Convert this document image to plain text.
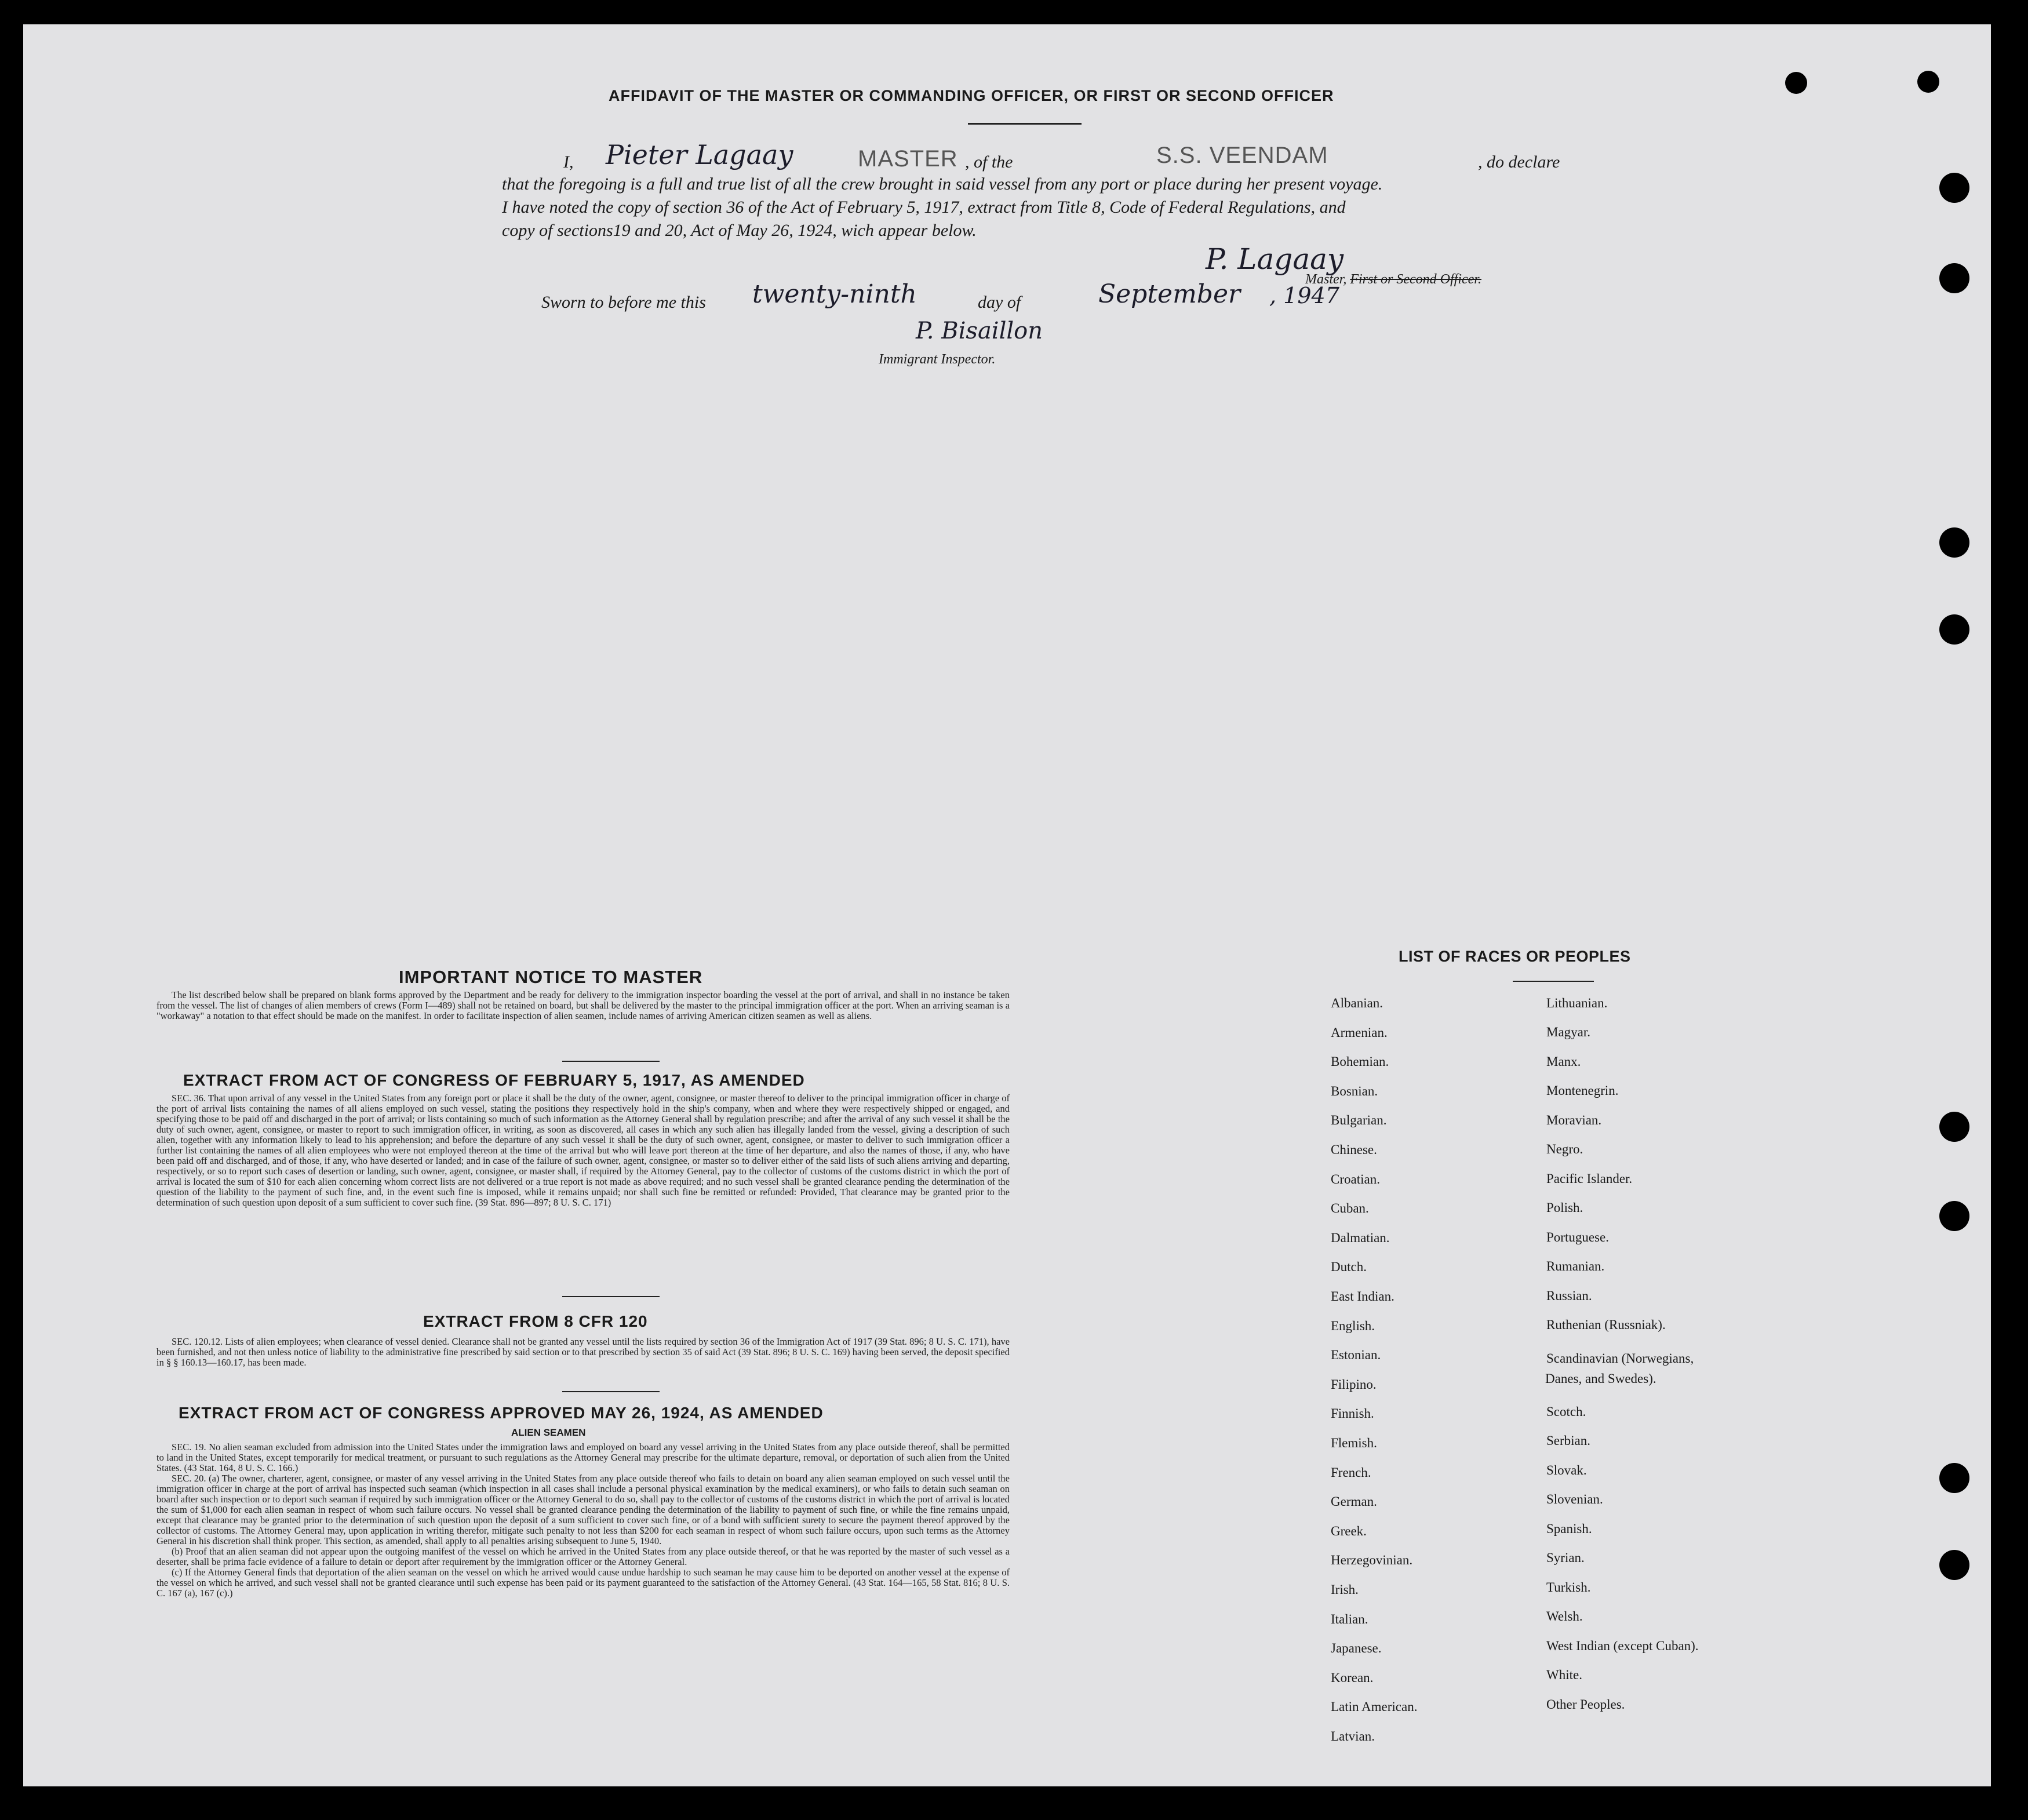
AFFIDAVIT OF THE MASTER OR COMMANDING OFFICER, OR FIRST OR SECOND OFFICER
I, Pieter Lagaay	MASTER , of the	S.S. VEENDAM	, do declare
that the foregoing is a full and true list of all the crew brought in said vessel from any port or place during her present voyage.
I have noted the copy of section 36 of the Act of February 5, 1917, extract from Title 8, Code of Federal Regulations, and
copy of sections19 and 20, Act of May 26, 1924, wich appear below.
P. Lagaay
Master, First or Second Officer.
Sworn to before me this twenty-ninth	day of	September , 1947
P. Bisaillon
Immigrant Inspector.
IMPORTANT NOTICE TO MASTER

The list described below shall be prepared on blank forms approved by the Department and be ready for delivery to the immigration inspector boarding the vessel at the port of arrival, and shall in no instance be taken from the vessel. The list of changes of alien members of crews (Form I—489) shall not be retained on board, but shall be delivered by the master to the principal immigration officer at the port. When an arriving seaman is a "workaway" a notation to that effect should be made on the manifest. In order to facilitate inspection of alien seamen, include names of arriving American citizen seamen as well as aliens.

EXTRACT FROM ACT OF CONGRESS OF FEBRUARY 5, 1917, AS AMENDED

SEC. 36. That upon arrival of any vessel in the United States from any foreign port or place it shall be the duty of the owner, agent, consignee, or master thereof to deliver to the principal immigration officer in charge of the port of arrival lists containing the names of all aliens employed on such vessel, stating the positions they respectively hold in the ship's company, when and where they were respectively shipped or engaged, and specifying those to be paid off and discharged in the port of arrival; or lists containing so much of such information as the Attorney General shall by regulation prescribe; and after the arrival of any such vessel it shall be the duty of such owner, agent, consignee, or master to report to such immigration officer, in writing, as soon as discovered, all cases in which any such alien has illegally landed from the vessel, giving a description of such alien, together with any information likely to lead to his apprehension; and before the departure of any such vessel it shall be the duty of such owner, agent, consignee, or master to deliver to such immigration officer a further list containing the names of all alien employees who were not employed thereon at the time of the arrival but who will leave port thereon at the time of her departure, and also the names of those, if any, who have been paid off and discharged, and of those, if any, who have deserted or landed; and in case of the failure of such owner, agent, consignee, or master so to deliver either of the said lists of such aliens arriving and departing, respectively, or so to report such cases of desertion or landing, such owner, agent, consignee, or master shall, if required by the Attorney General, pay to the collector of customs of the customs district in which the port of arrival is located the sum of $10 for each alien concerning whom correct lists are not delivered or a true report is not made as above required; and no such vessel shall be granted clearance pending the determination of the question of the liability to the payment of such fine, and, in the event such fine is imposed, while it remains unpaid; nor shall such fine be remitted or refunded: Provided, That clearance may be granted prior to the determination of such question upon deposit of a sum sufficient to cover such fine. (39 Stat. 896—897; 8 U. S. C. 171)

EXTRACT FROM 8 CFR 120

SEC. 120.12. Lists of alien employees; when clearance of vessel denied. Clearance shall not be granted any vessel until the lists required by section 36 of the Immigration Act of 1917 (39 Stat. 896; 8 U. S. C. 171), have been furnished, and not then unless notice of liability to the administrative fine prescribed by said section or to that prescribed by section 35 of said Act (39 Stat. 896; 8 U. S. C. 169) having been served, the deposit specified in § § 160.13—160.17, has been made.

EXTRACT FROM ACT OF CONGRESS APPROVED MAY 26, 1924, AS AMENDED
ALIEN SEAMEN

SEC. 19. No alien seaman excluded from admission into the United States under the immigration laws and employed on board any vessel arriving in the United States from any place outside thereof, shall be permitted to land in the United States, except temporarily for medical treatment, or pursuant to such regulations as the Attorney General may prescribe for the ultimate departure, removal, or deportation of such alien from the United States. (43 Stat. 164, 8 U. S. C. 166.)

SEC. 20. (a) The owner, charterer, agent, consignee, or master of any vessel arriving in the United States from any place outside thereof who fails to detain on board any alien seaman employed on such vessel until the immigration officer in charge at the port of arrival has inspected such seaman (which inspection in all cases shall include a personal physical examination by the medical examiners), or who fails to detain such seaman on board after such inspection or to deport such seaman if required by such immigration officer or the Attorney General to do so, shall pay to the collector of customs of the customs district in which the port of arrival is located the sum of $1,000 for each alien seaman in respect of whom such failure occurs. No vessel shall be granted clearance pending the determination of the liability to payment of such fine, or while the fine remains unpaid, except that clearance may be granted prior to the determination of such question upon the deposit of a sum sufficient to cover such fine, or of a bond with sufficient surety to secure the payment thereof approved by the collector of customs. The Attorney General may, upon application in writing therefor, mitigate such penalty to not less than $200 for each seaman in respect of whom such failure occurs, upon such terms as the Attorney General in his discretion shall think proper. This section, as amended, shall apply to all penalties arising subsequent to June 5, 1940.

(b) Proof that an alien seaman did not appear upon the outgoing manifest of the vessel on which he arrived in the United States from any place outside thereof, or that he was reported by the master of such vessel as a deserter, shall be prima facie evidence of a failure to detain or deport after requirement by the immigration officer or the Attorney General.

(c) If the Attorney General finds that deportation of the alien seaman on the vessel on which he arrived would cause undue hardship to such seaman he may cause him to be deported on another vessel at the expense of the vessel on which he arrived, and such vessel shall not be granted clearance until such expense has been paid or its payment guaranteed to the satisfaction of the Attorney General. (43 Stat. 164—165, 58 Stat. 816; 8 U. S. C. 167 (a), 167 (c).)

LIST OF RACES OR PEOPLES
Albanian.
Armenian.
Bohemian.
Bosnian.
Bulgarian.
Chinese.
Croatian.
Cuban.
Dalmatian.
Dutch.
East Indian.
English.
Estonian.
Filipino.
Finnish.
Flemish.
French.
German.
Greek.
Herzegovinian.
Irish.
Italian.
Japanese.
Korean.
Latin American.
Latvian.
Lithuanian.
Magyar.
Manx.
Montenegrin.
Moravian.
Negro.
Pacific Islander.
Polish.
Portuguese.
Rumanian.
Russian.
Ruthenian (Russniak).
Scandinavian (Norwegians,
Danes, and Swedes).
Scotch.
Serbian.
Slovak.
Slovenian.
Spanish.
Syrian.
Turkish.
Welsh.
West Indian (except Cuban).
White.
Other Peoples.
